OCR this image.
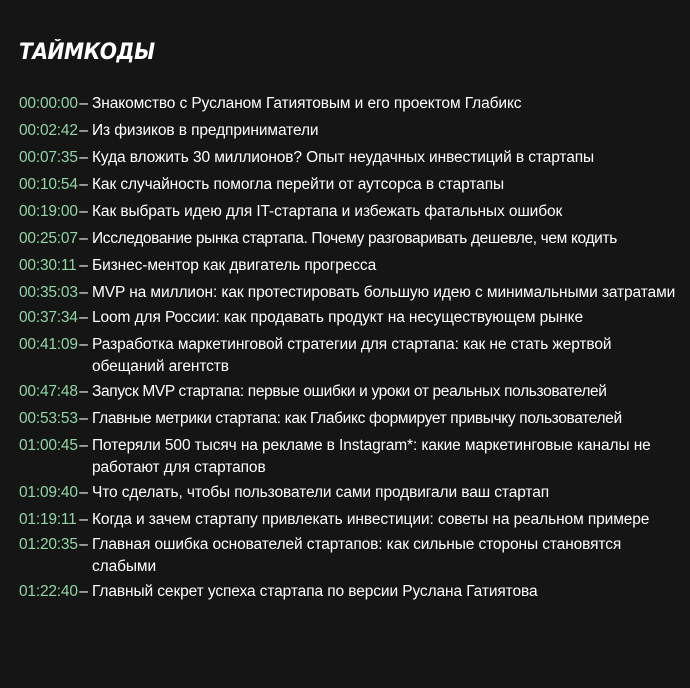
ТАЙМКОДЫ
00:00:00 – Знакомство с Русланом Гатиятовым и его проектом Глабикс
00:02:42 – Из физиков в предприниматели
00:07:35 – Куда вложить 30 миллионов? Опыт неудачных инвестиций в стартапы
00:10:54 – Как случайность помогла перейти от аутсорса в стартапы
00:19:00 – Как выбрать идею для IT-стартапа и избежать фатальных ошибок
00:25:07 – Исследование рынка стартапа. Почему разговаривать дешевле, чем кодить
00:30:11 – Бизнес-ментор как двигатель прогресса
00:35:03 – MVP на миллион: как протестировать большую идею с минимальными затратами
00:37:34 – Loom для России: как продавать продукт на несуществующем рынке
00:41:09 – Разработка маркетинговой стратегии для стартапа: как не стать жертвой обещаний агентств
00:47:48 – Запуск MVP стартапа: первые ошибки и уроки от реальных пользователей
00:53:53 – Главные метрики стартапа: как Глабикс формирует привычку пользователей
01:00:45 – Потеряли 500 тысяч на рекламе в Instagram*: какие маркетинговые каналы не работают для стартапов
01:09:40 – Что сделать, чтобы пользователи сами продвигали ваш стартап
01:19:11 – Когда и зачем стартапу привлекать инвестиции: советы на реальном примере
01:20:35 – Главная ошибка основателей стартапов: как сильные стороны становятся слабыми
01:22:40 – Главный секрет успеха стартапа по версии Руслана Гатиятова
